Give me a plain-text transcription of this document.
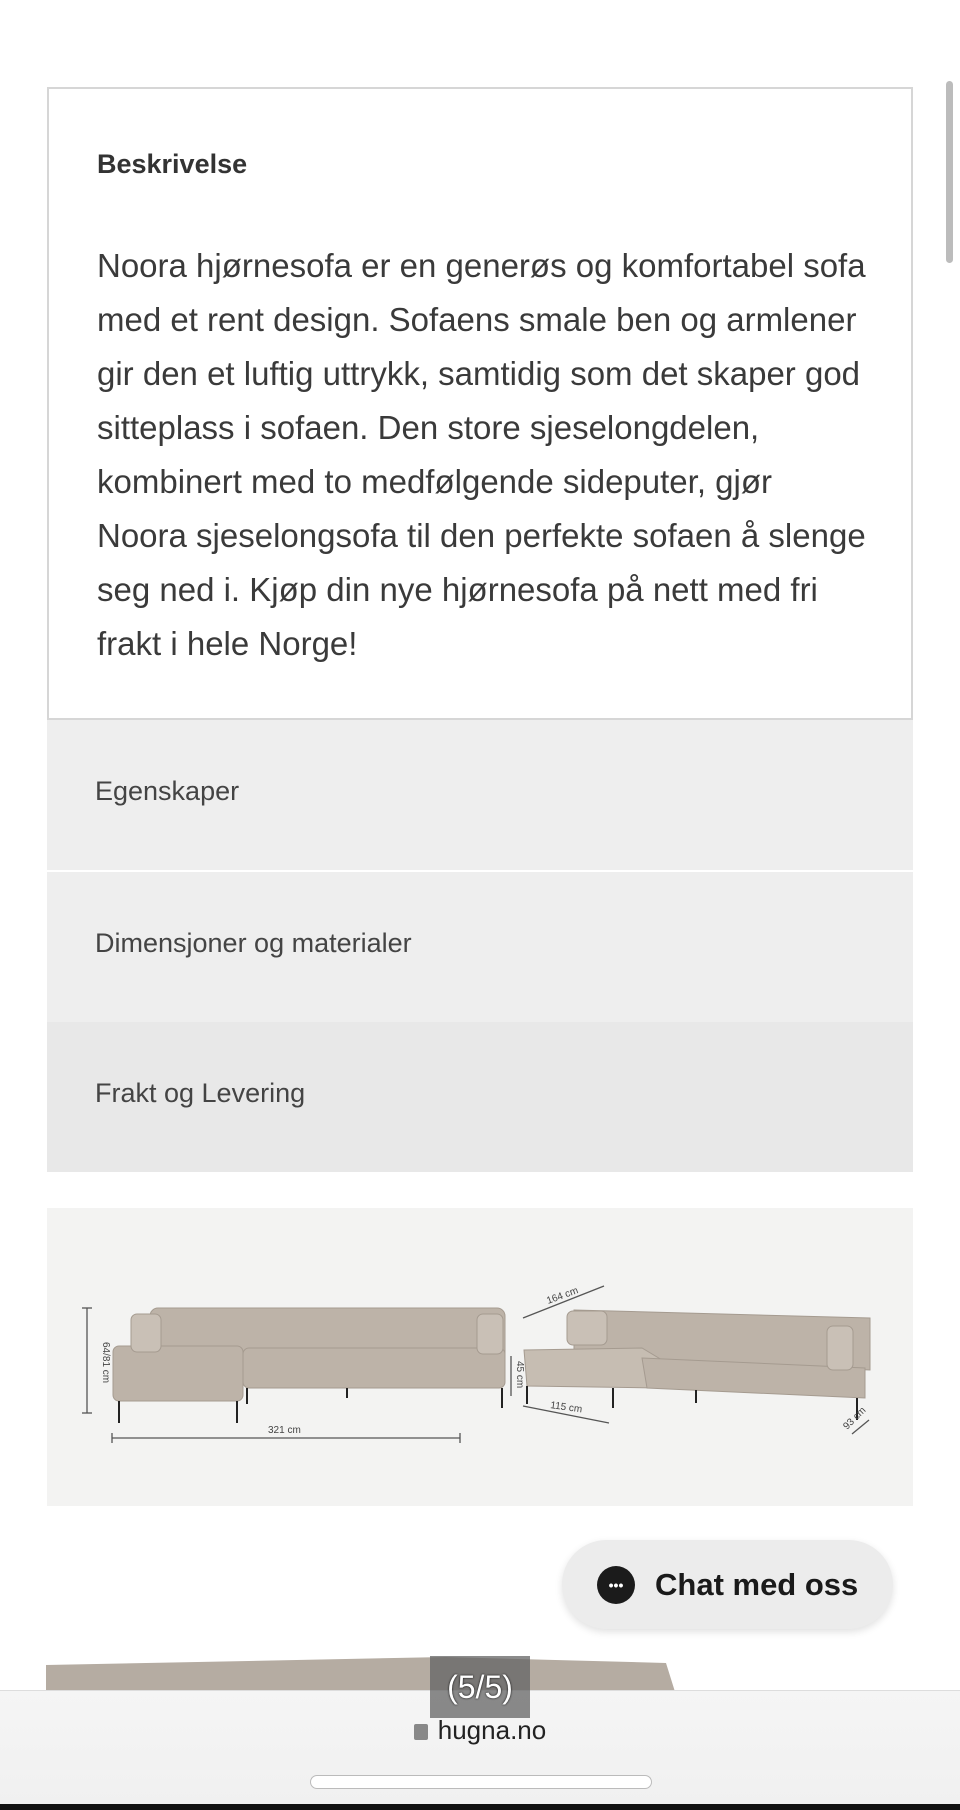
Beskrivelse

Noora hjørnesofa er en generøs og komfortabel sofa med et rent design. Sofaens smale ben og armlener gir den et luftig uttrykk, samtidig som det skaper god sitteplass i sofaen. Den store sjeselongdelen, kombinert med to medfølgende sideputer, gjør Noora sjeselongsofa til den perfekte sofaen å slenge seg ned i. Kjøp din nye hjørnesofa på nett med fri frakt i hele Norge!

Egenskaper
Dimensjoner og materialer
Frakt og Levering
64/81 cm
321 cm
164 cm
45 cm
115 cm	93 cm
•••	Chat med oss
(5/5)
hugna.no
